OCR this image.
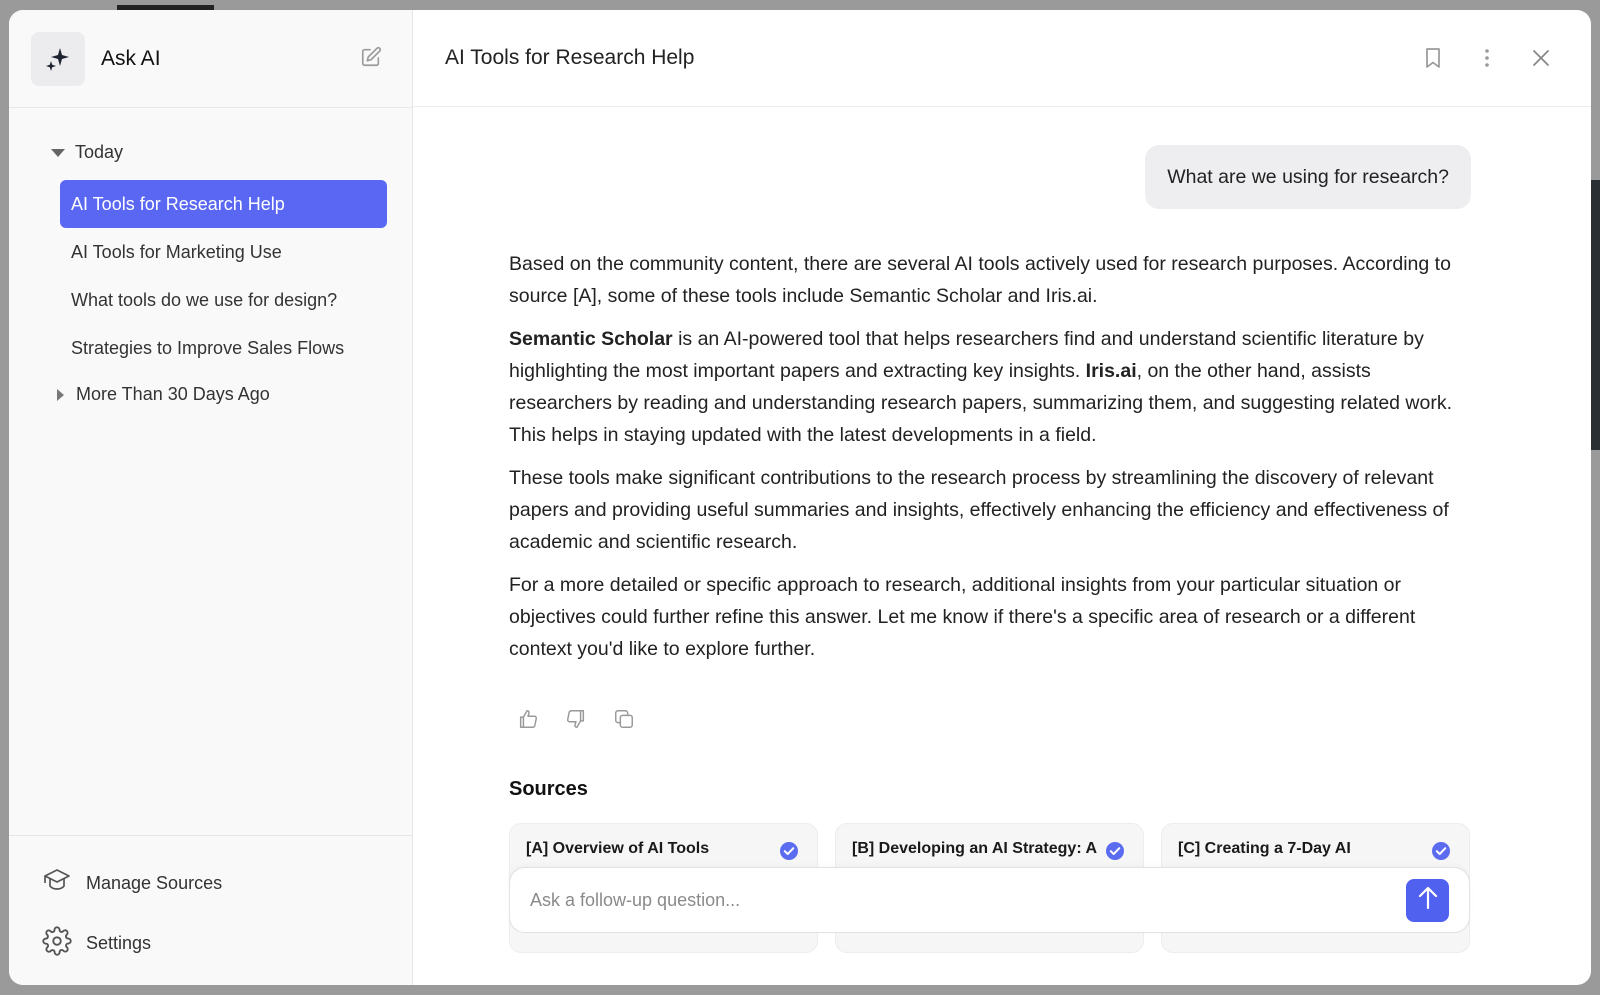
Ask AI
Today
AI Tools for Research Help
AI Tools for Marketing Use
What tools do we use for design?
Strategies to Improve Sales Flows
More Than 30 Days Ago
Manage Sources
Settings
AI Tools for Research Help
What are we using for research?

Based on the community content, there are several AI tools actively used for research purposes. According to source [A], some of these tools include Semantic Scholar and Iris.ai.

Semantic Scholar is an AI-powered tool that helps researchers find and understand scientific literature by highlighting the most important papers and extracting key insights. Iris.ai, on the other hand, assists researchers by reading and understanding research papers, summarizing them, and suggesting related work. This helps in staying updated with the latest developments in a field.

These tools make significant contributions to the research process by streamlining the discovery of relevant papers and providing useful summaries and insights, effectively enhancing the efficiency and effectiveness of academic and scientific research.

For a more detailed or specific approach to research, additional insights from your particular situation or objectives could further refine this answer. Let me know if there's a specific area of research or a different context you'd like to explore further.

Sources
[A] Overview of AI Tools	[B] Developing an AI Strategy: A	[C] Creating a 7-Day AI
Ask a follow-up question...
